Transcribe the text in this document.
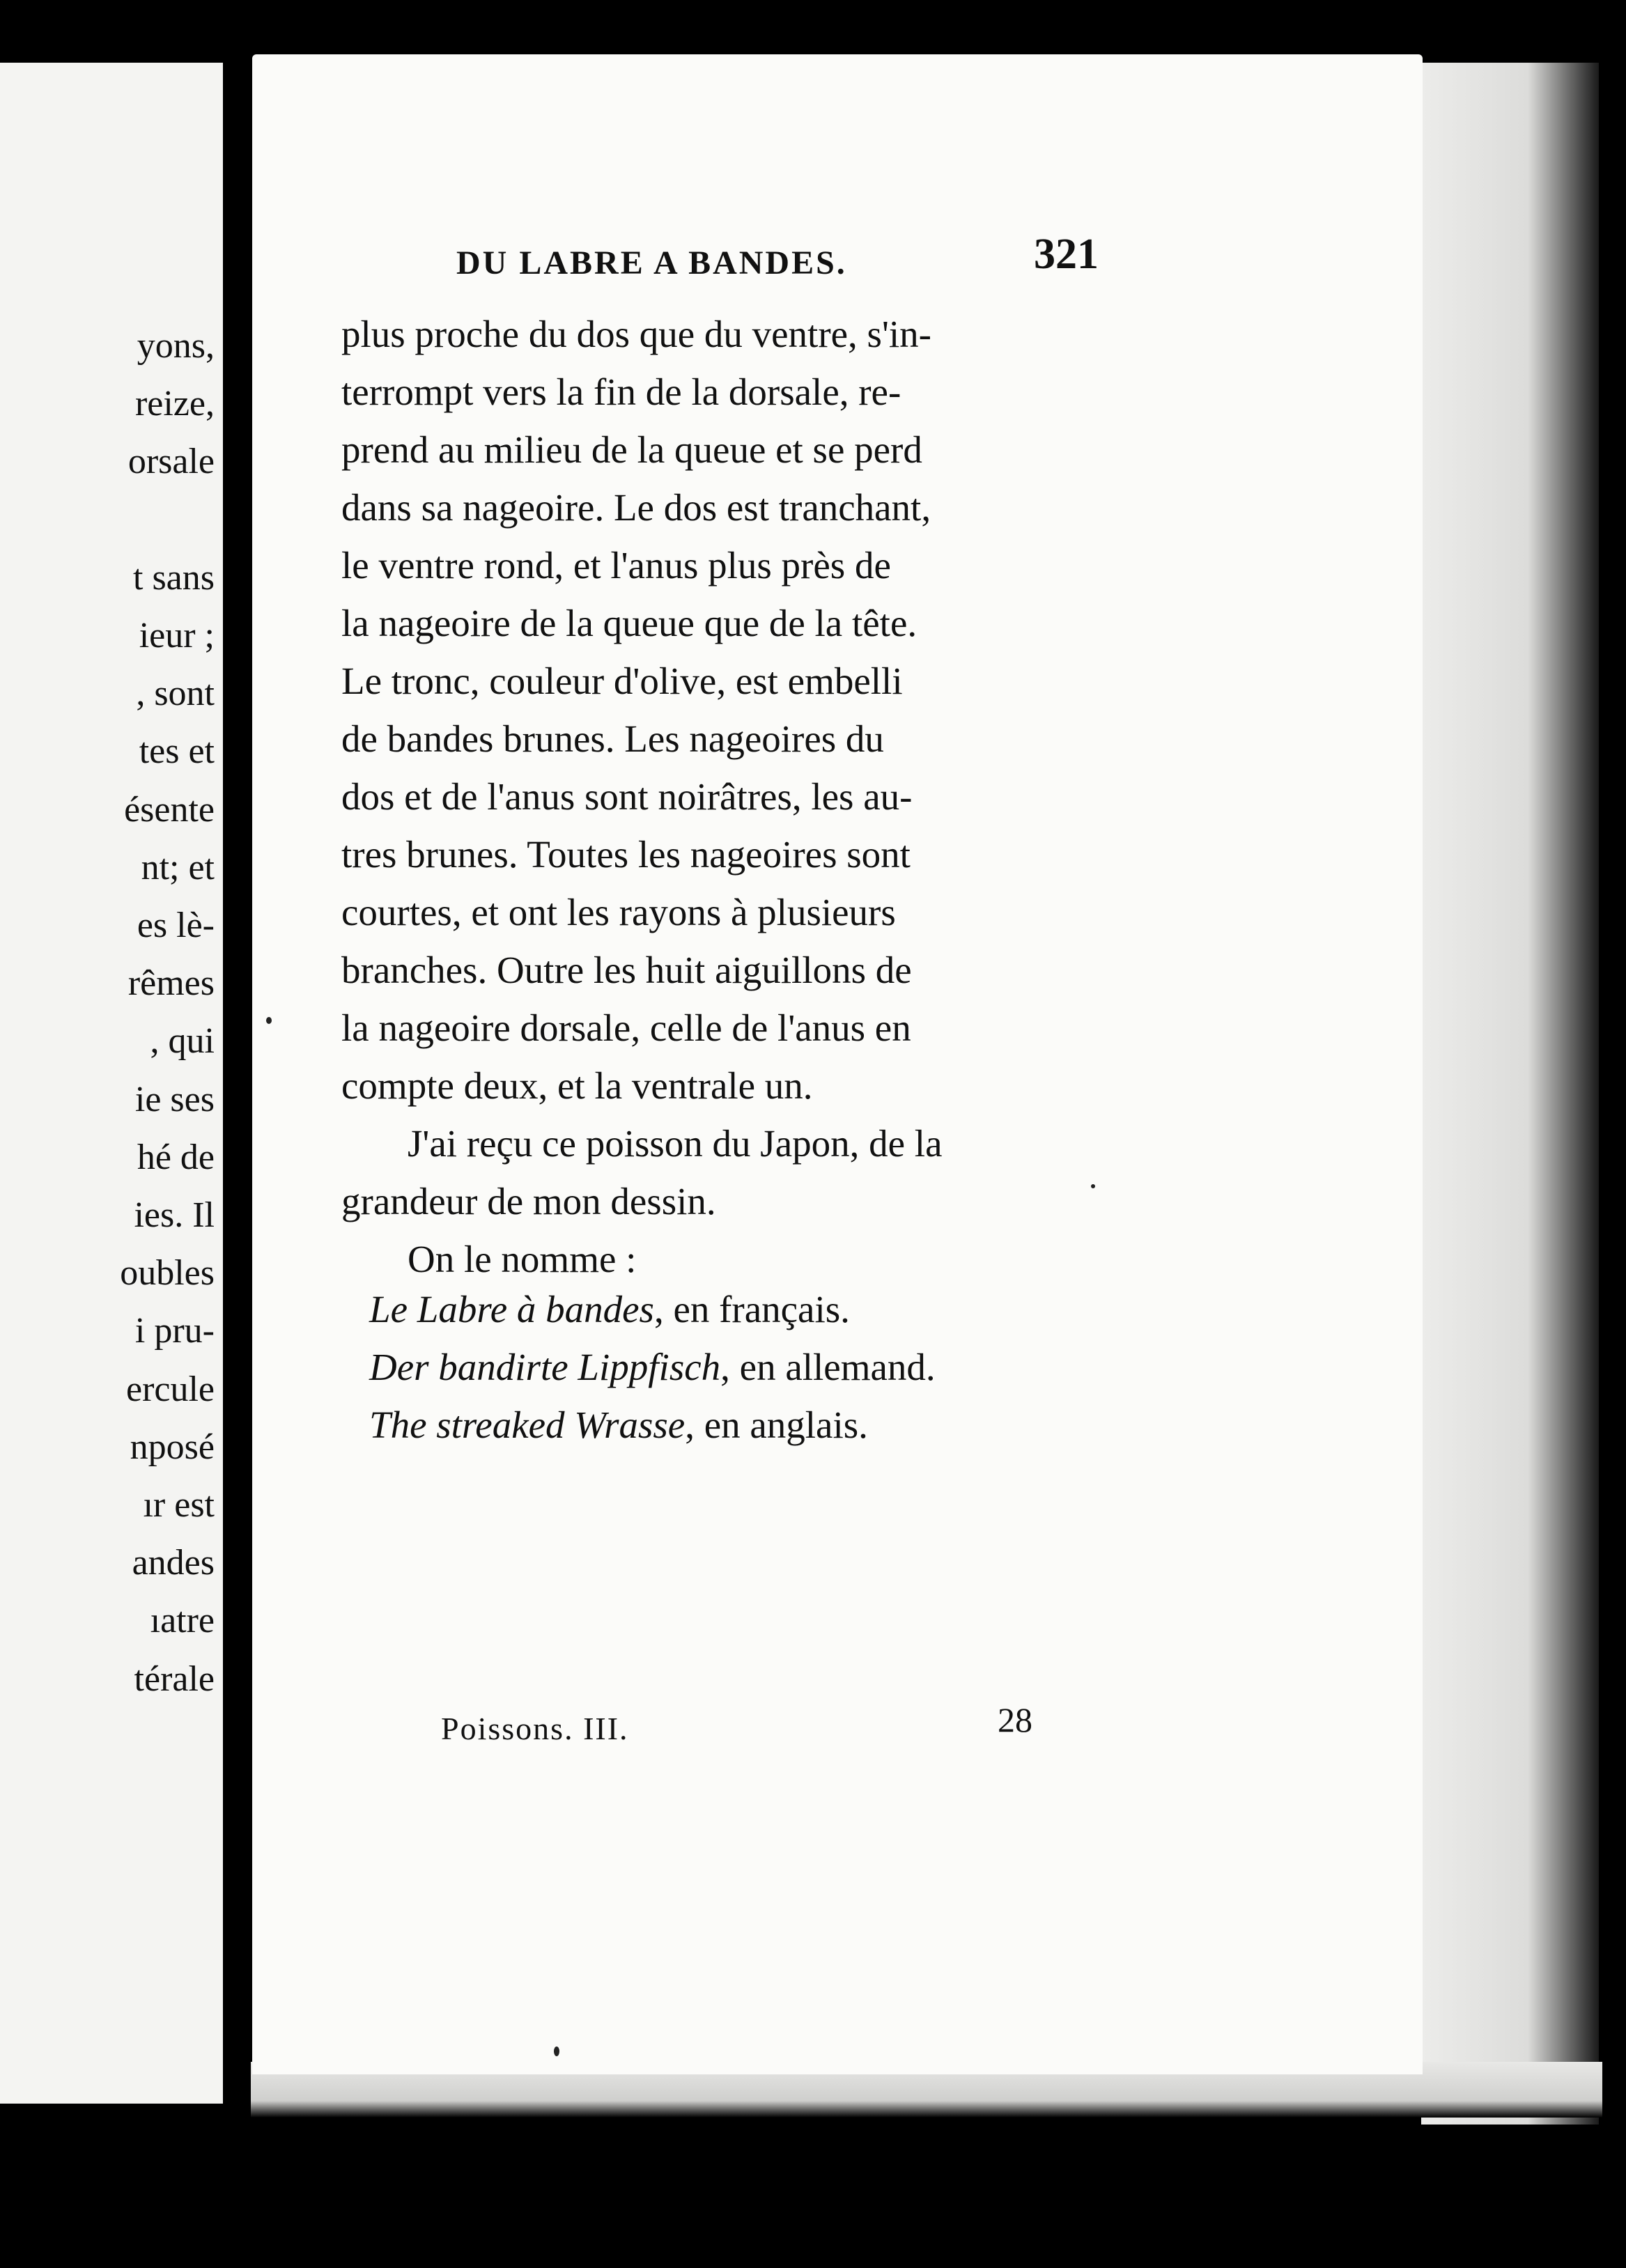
yons,
reize,
orsale

t sans
ieur ;
, sont
tes et
ésente
nt; et
es lè-
rêmes
, qui
ie ses
hé de
ies. Il
oubles
i pru-
ercule
nposé
ır est
andes
ıatre
térale
DU LABRE A BANDES.	321
plus proche du dos que du ventre, s'in-
terrompt vers la fin de la dorsale, re-
prend au milieu de la queue et se perd
dans sa nageoire. Le dos est tranchant,
le ventre rond, et l'anus plus près de
la nageoire de la queue que de la tête.
Le tronc, couleur d'olive, est embelli
de bandes brunes. Les nageoires du
dos et de l'anus sont noirâtres, les au-
tres brunes. Toutes les nageoires sont
courtes, et ont les rayons à plusieurs
branches. Outre les huit aiguillons de
la nageoire dorsale, celle de l'anus en
compte deux, et la ventrale un.
J'ai reçu ce poisson du Japon, de la
grandeur de mon dessin.
On le nomme :
Le Labre à bandes, en français.
Der bandirte Lippfisch, en allemand.
The streaked Wrasse, en anglais.
Poissons. III.	28
